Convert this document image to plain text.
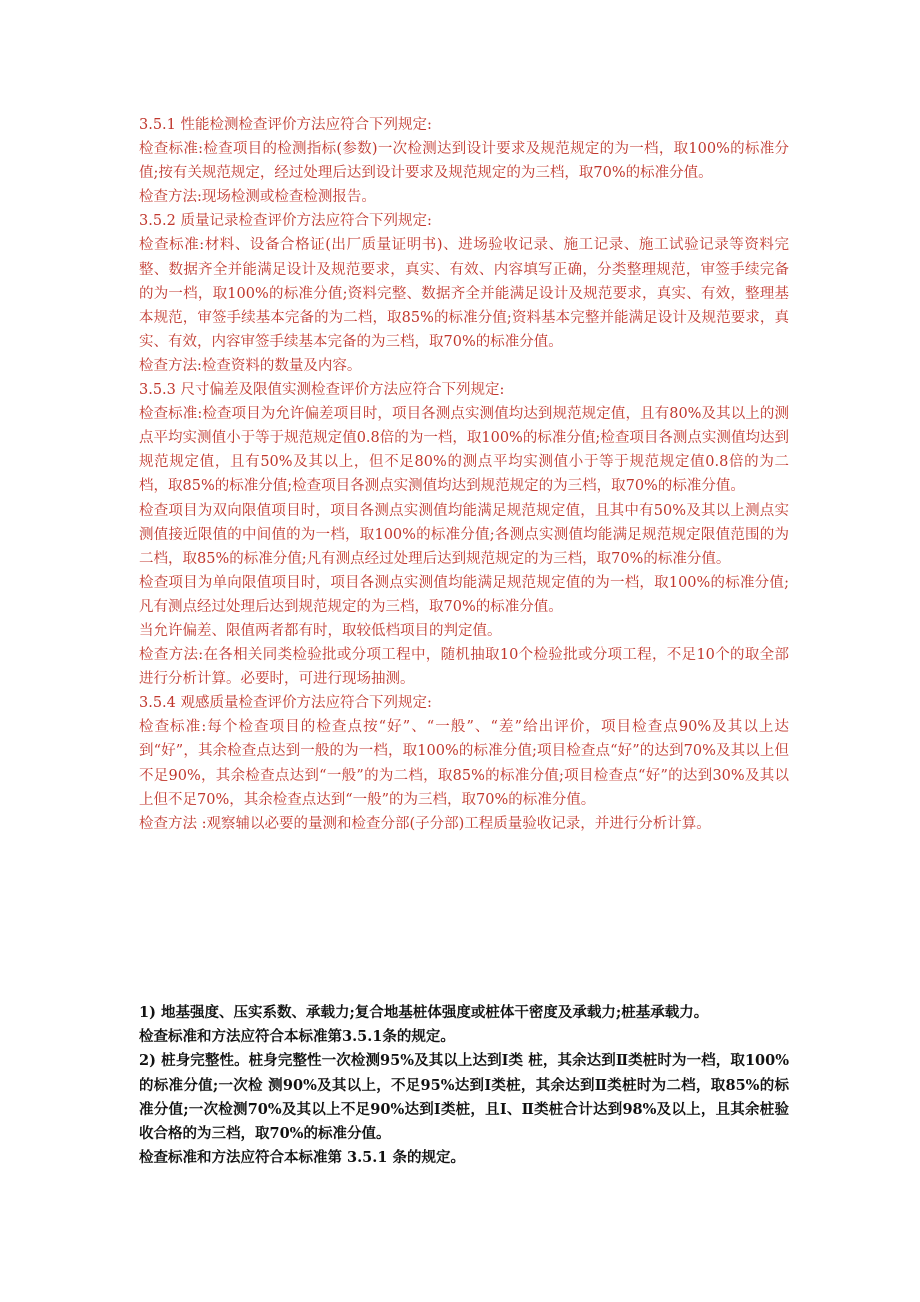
3.5.1 性能检测检查评价方法应符合下列规定:

检查标准:检查项目的检测指标(参数)一次检测达到设计要求及规范规定的为一档，取100%的标准分值;按有关规范规定，经过处理后达到设计要求及规范规定的为三档，取70%的标准分值。

检查方法:现场检测或检查检测报告。

3.5.2 质量记录检查评价方法应符合下列规定:

检查标准:材料、设备合格证(出厂质量证明书)、进场验收记录、施工记录、施工试验记录等资料完整、数据齐全并能满足设计及规范要求，真实、有效、内容填写正确，分类整理规范，审签手续完备的为一档，取100%的标准分值;资料完整、数据齐全并能满足设计及规范要求，真实、有效，整理基本规范，审签手续基本完备的为二档，取85%的标准分值;资料基本完整并能满足设计及规范要求，真实、有效，内容审签手续基本完备的为三档，取70%的标准分值。

检查方法:检查资料的数量及内容。

3.5.3 尺寸偏差及限值实测检查评价方法应符合下列规定:

检查标准:检查项目为允许偏差项目时，项目各测点实测值均达到规范规定值，且有80%及其以上的测点平均实测值小于等于规范规定值0.8倍的为一档，取100%的标准分值;检查项目各测点实测值均达到规范规定值，且有50%及其以上，但不足80%的测点平均实测值小于等于规范规定值0.8倍的为二档，取85%的标准分值;检查项目各测点实测值均达到规范规定的为三档，取70%的标准分值。

检查项目为双向限值项目时，项目各测点实测值均能满足规范规定值，且其中有50%及其以上测点实测值接近限值的中间值的为一档，取100%的标准分值;各测点实测值均能满足规范规定限值范围的为二档，取85%的标准分值;凡有测点经过处理后达到规范规定的为三档，取70%的标准分值。

检查项目为单向限值项目时，项目各测点实测值均能满足规范规定值的为一档，取100%的标准分值;凡有测点经过处理后达到规范规定的为三档，取70%的标准分值。

当允许偏差、限值两者都有时，取较低档项目的判定值。

检查方法:在各相关同类检验批或分项工程中，随机抽取10个检验批或分项工程，不足10个的取全部进行分析计算。必要时，可进行现场抽测。

3.5.4 观感质量检查评价方法应符合下列规定:

检查标准:每个检查项目的检查点按“好”、“一般”、“差”给出评价，项目检查点90%及其以上达到“好”，其余检查点达到一般的为一档，取100%的标准分值;项目检查点“好”的达到70%及其以上但不足90%，其余检查点达到“一般”的为二档，取85%的标准分值;项目检查点“好”的达到30%及其以上但不足70%，其余检查点达到“一般”的为三档，取70%的标准分值。

检查方法 :观察辅以必要的量测和检查分部(子分部)工程质量验收记录，并进行分析计算。

1) 地基强度、压实系数、承载力;复合地基桩体强度或桩体干密度及承载力;桩基承载力。

检查标准和方法应符合本标准第3.5.1条的规定。

2) 桩身完整性。桩身完整性一次检测95%及其以上达到I类 桩，其余达到Ⅱ类桩时为一档，取100%的标准分值;一次检 测90%及其以上，不足95%达到I类桩，其余达到Ⅱ类桩时为二档，取85%的标准分值;一次检测70%及其以上不足90%达到Ⅰ类桩，且Ⅰ、Ⅱ类桩合计达到98%及以上，且其余桩验收合格的为三档，取70%的标准分值。

检查标准和方法应符合本标准第 3.5.1 条的规定。
